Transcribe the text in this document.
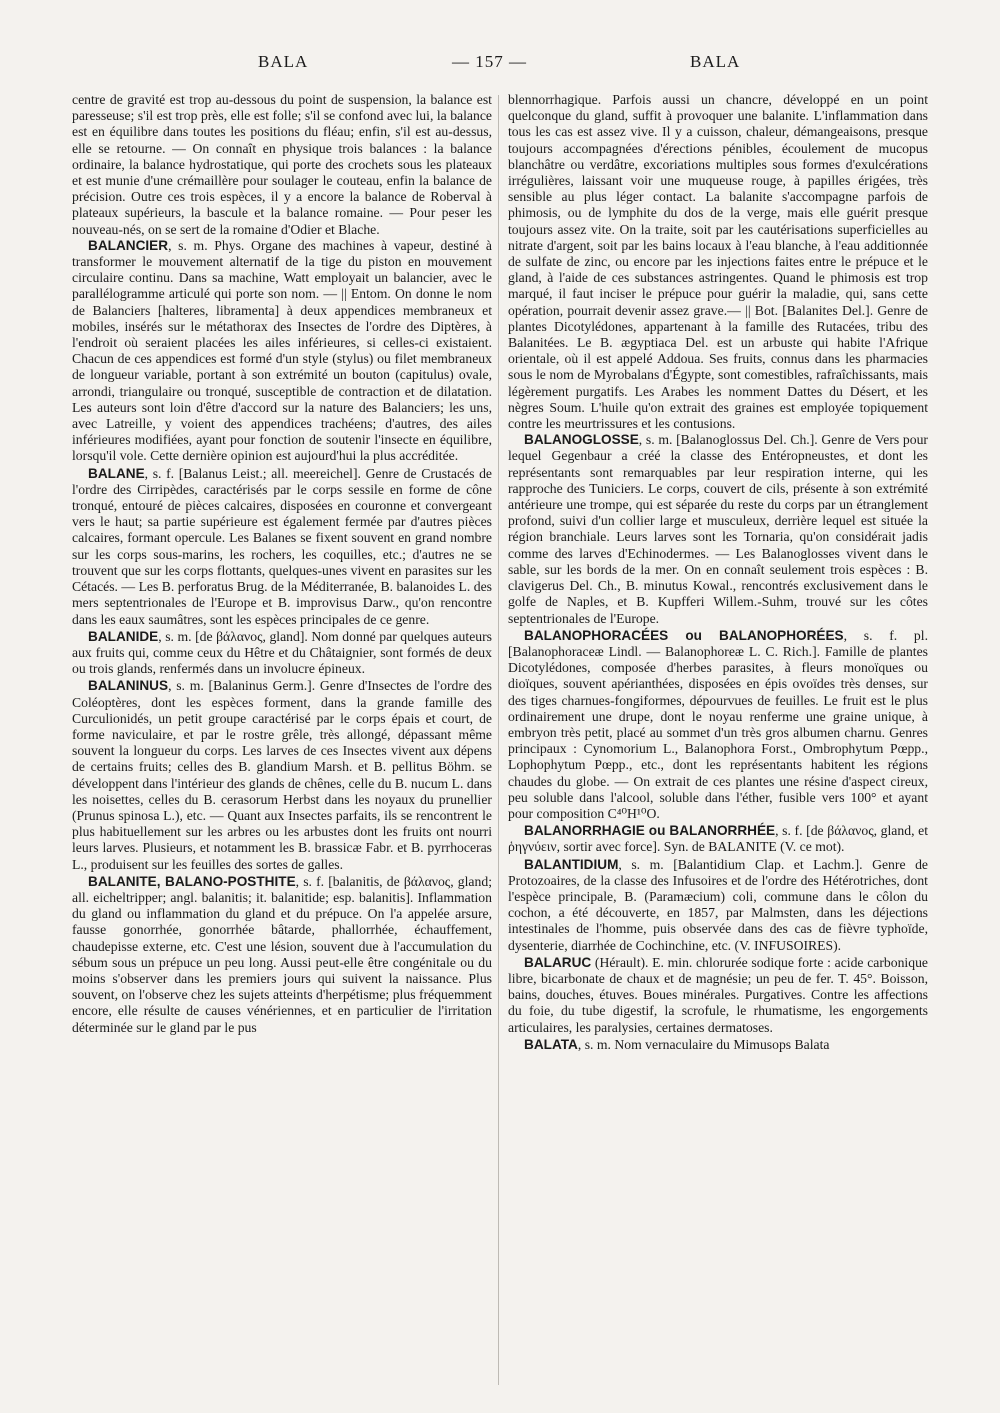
BALA	— 157 —	BALA

centre de gravité est trop au-dessous du point de suspension, la balance est paresseuse; s'il est trop près, elle est folle; s'il se confond avec lui, la balance est en équilibre dans toutes les positions du fléau; enfin, s'il est au-dessus, elle se retourne. — On connaît en physique trois balances : la balance ordinaire, la balance hydrostatique, qui porte des crochets sous les plateaux et est munie d'une crémaillère pour soulager le couteau, enfin la balance de précision. Outre ces trois espèces, il y a encore la balance de Roberval à plateaux supérieurs, la bascule et la balance romaine. — Pour peser les nouveau-nés, on se sert de la romaine d'Odier et Blache.

BALANCIER, s. m. Phys. Organe des machines à vapeur, destiné à transformer le mouvement alternatif de la tige du piston en mouvement circulaire continu. Dans sa machine, Watt employait un balancier, avec le parallélogramme articulé qui porte son nom. — || Entom. On donne le nom de Balanciers [halteres, libramenta] à deux appendices membraneux et mobiles, insérés sur le métathorax des Insectes de l'ordre des Diptères, à l'endroit où seraient placées les ailes inférieures, si celles-ci existaient. Chacun de ces appendices est formé d'un style (stylus) ou filet membraneux de longueur variable, portant à son extrémité un bouton (capitulus) ovale, arrondi, triangulaire ou tronqué, susceptible de contraction et de dilatation. Les auteurs sont loin d'être d'accord sur la nature des Balanciers; les uns, avec Latreille, y voient des appendices trachéens; d'autres, des ailes inférieures modifiées, ayant pour fonction de soutenir l'insecte en équilibre, lorsqu'il vole. Cette dernière opinion est aujourd'hui la plus accréditée.

BALANE, s. f. [Balanus Leist.; all. meereichel]. Genre de Crustacés de l'ordre des Cirripèdes, caractérisés par le corps sessile en forme de cône tronqué, entouré de pièces calcaires, disposées en couronne et convergeant vers le haut; sa partie supérieure est également fermée par d'autres pièces calcaires, formant opercule. Les Balanes se fixent souvent en grand nombre sur les corps sous-marins, les rochers, les coquilles, etc.; d'autres ne se trouvent que sur les corps flottants, quelques-unes vivent en parasites sur les Cétacés. — Les B. perforatus Brug. de la Méditerranée, B. balanoides L. des mers septentrionales de l'Europe et B. improvisus Darw., qu'on rencontre dans les eaux saumâtres, sont les espèces principales de ce genre.

BALANIDE, s. m. [de βάλανος, gland]. Nom donné par quelques auteurs aux fruits qui, comme ceux du Hêtre et du Châtaignier, sont formés de deux ou trois glands, renfermés dans un involucre épineux.

BALANINUS, s. m. [Balaninus Germ.]. Genre d'Insectes de l'ordre des Coléoptères, dont les espèces forment, dans la grande famille des Curculionidés, un petit groupe caractérisé par le corps épais et court, de forme naviculaire, et par le rostre grêle, très allongé, dépassant même souvent la longueur du corps. Les larves de ces Insectes vivent aux dépens de certains fruits; celles des B. glandium Marsh. et B. pellitus Böhm. se développent dans l'intérieur des glands de chênes, celle du B. nucum L. dans les noisettes, celles du B. cerasorum Herbst dans les noyaux du prunellier (Prunus spinosa L.), etc. — Quant aux Insectes parfaits, ils se rencontrent le plus habituellement sur les arbres ou les arbustes dont les fruits ont nourri leurs larves. Plusieurs, et notamment les B. brassicæ Fabr. et B. pyrrhoceras L., produisent sur les feuilles des sortes de galles.

BALANITE, BALANO-POSTHITE, s. f. [balanitis, de βάλανος, gland; all. eicheltripper; angl. balanitis; it. balanitide; esp. balanitis]. Inflammation du gland ou inflammation du gland et du prépuce. On l'a appelée arsure, fausse gonorrhée, gonorrhée bâtarde, phallorrhée, échauffement, chaudepisse externe, etc. C'est une lésion, souvent due à l'accumulation du sébum sous un prépuce un peu long. Aussi peut-elle être congénitale ou du moins s'observer dans les premiers jours qui suivent la naissance. Plus souvent, on l'observe chez les sujets atteints d'herpétisme; plus fréquemment encore, elle résulte de causes vénériennes, et en particulier de l'irritation déterminée sur le gland par le pus

blennorrhagique. Parfois aussi un chancre, développé en un point quelconque du gland, suffit à provoquer une balanite. L'inflammation dans tous les cas est assez vive. Il y a cuisson, chaleur, démangeaisons, presque toujours accompagnées d'érections pénibles, écoulement de mucopus blanchâtre ou verdâtre, excoriations multiples sous formes d'exulcérations irrégulières, laissant voir une muqueuse rouge, à papilles érigées, très sensible au plus léger contact. La balanite s'accompagne parfois de phimosis, ou de lymphite du dos de la verge, mais elle guérit presque toujours assez vite. On la traite, soit par les cautérisations superficielles au nitrate d'argent, soit par les bains locaux à l'eau blanche, à l'eau additionnée de sulfate de zinc, ou encore par les injections faites entre le prépuce et le gland, à l'aide de ces substances astringentes. Quand le phimosis est trop marqué, il faut inciser le prépuce pour guérir la maladie, qui, sans cette opération, pourrait devenir assez grave.— || Bot. [Balanites Del.]. Genre de plantes Dicotylédones, appartenant à la famille des Rutacées, tribu des Balanitées. Le B. ægyptiaca Del. est un arbuste qui habite l'Afrique orientale, où il est appelé Addoua. Ses fruits, connus dans les pharmacies sous le nom de Myrobalans d'Égypte, sont comestibles, rafraîchissants, mais légèrement purgatifs. Les Arabes les nomment Dattes du Désert, et les nègres Soum. L'huile qu'on extrait des graines est employée topiquement contre les meurtrissures et les contusions.

BALANOGLOSSE, s. m. [Balanoglossus Del. Ch.]. Genre de Vers pour lequel Gegenbaur a créé la classe des Entéropneustes, et dont les représentants sont remarquables par leur respiration interne, qui les rapproche des Tuniciers. Le corps, couvert de cils, présente à son extrémité antérieure une trompe, qui est séparée du reste du corps par un étranglement profond, suivi d'un collier large et musculeux, derrière lequel est située la région branchiale. Leurs larves sont les Tornaria, qu'on considérait jadis comme des larves d'Echinodermes. — Les Balanoglosses vivent dans le sable, sur les bords de la mer. On en connaît seulement trois espèces : B. clavigerus Del. Ch., B. minutus Kowal., rencontrés exclusivement dans le golfe de Naples, et B. Kupfferi Willem.-Suhm, trouvé sur les côtes septentrionales de l'Europe.

BALANOPHORACÉES ou BALANOPHORÉES, s. f. pl. [Balanophoraceæ Lindl. — Balanophoreæ L. C. Rich.]. Famille de plantes Dicotylédones, composée d'herbes parasites, à fleurs monoïques ou dioïques, souvent apérianthées, disposées en épis ovoïdes très denses, sur des tiges charnues-fongiformes, dépourvues de feuilles. Le fruit est le plus ordinairement une drupe, dont le noyau renferme une graine unique, à embryon très petit, placé au sommet d'un très gros albumen charnu. Genres principaux : Cynomorium L., Balanophora Forst., Ombrophytum Pœpp., Lophophytum Pœpp., etc., dont les représentants habitent les régions chaudes du globe. — On extrait de ces plantes une résine d'aspect cireux, peu soluble dans l'alcool, soluble dans l'éther, fusible vers 100° et ayant pour composition C⁴⁰H¹⁰O.

BALANORRHAGIE ou BALANORRHÉE, s. f. [de βάλανος, gland, et ῥηγνύειν, sortir avec force]. Syn. de BALANITE (V. ce mot).

BALANTIDIUM, s. m. [Balantidium Clap. et Lachm.]. Genre de Protozoaires, de la classe des Infusoires et de l'ordre des Hétérotriches, dont l'espèce principale, B. (Paramæcium) coli, commune dans le côlon du cochon, a été découverte, en 1857, par Malmsten, dans les déjections intestinales de l'homme, puis observée dans des cas de fièvre typhoïde, dysenterie, diarrhée de Cochinchine, etc. (V. INFUSOIRES).

BALARUC (Hérault). E. min. chlorurée sodique forte : acide carbonique libre, bicarbonate de chaux et de magnésie; un peu de fer. T. 45°. Boisson, bains, douches, étuves. Boues minérales. Purgatives. Contre les affections du foie, du tube digestif, la scrofule, le rhumatisme, les engorgements articulaires, les paralysies, certaines dermatoses.

BALATA, s. m. Nom vernaculaire du Mimusops Balata
